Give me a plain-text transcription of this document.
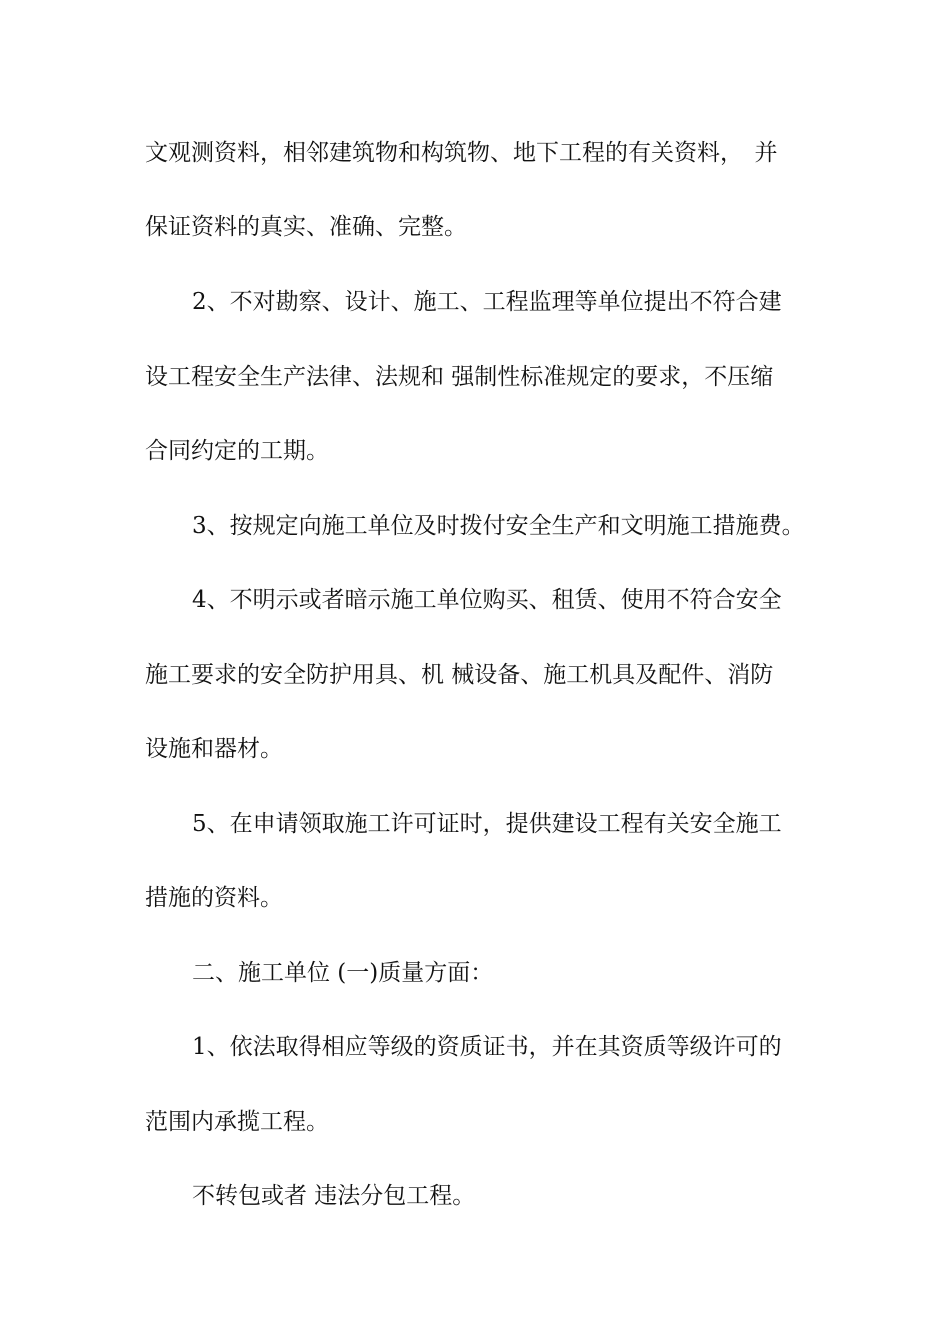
文观测资料，相邻建筑物和构筑物、地下工程的有关资料，　并
保证资料的真实、准确、完整。
2、不对勘察、设计、施工、工程监理等单位提出不符合建
设工程安全生产法律、法规和 强制性标准规定的要求，不压缩
合同约定的工期。
3、按规定向施工单位及时拨付安全生产和文明施工措施费。
4、不明示或者暗示施工单位购买、租赁、使用不符合安全
施工要求的安全防护用具、机 械设备、施工机具及配件、消防
设施和器材。
5、在申请领取施工许可证时，提供建设工程有关安全施工
措施的资料。
二、施工单位 (一)质量方面：
1、依法取得相应等级的资质证书，并在其资质等级许可的
范围内承揽工程。
不转包或者 违法分包工程。
